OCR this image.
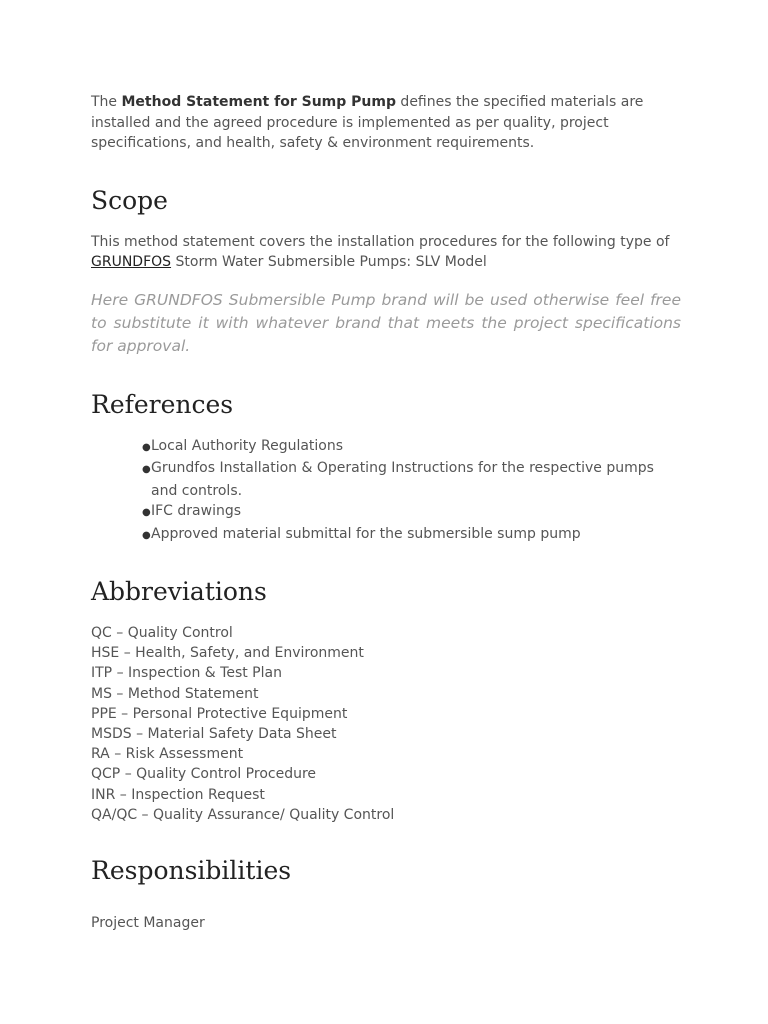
The Method Statement for Sump Pump defines the specified materials are installed and the agreed procedure is implemented as per quality, project specifications, and health, safety & environment requirements.

Scope

This method statement covers the installation procedures for the following type of GRUNDFOS Storm Water Submersible Pumps: SLV Model

Here GRUNDFOS Submersible Pump brand will be used otherwise feel free to substitute it with whatever brand that meets the project specifications for approval.

References
●Local Authority Regulations
●Grundfos Installation & Operating Instructions for the respective pumps and controls.
●IFC drawings
●Approved material submittal for the submersible sump pump
Abbreviations
QC – Quality Control
HSE – Health, Safety, and Environment
ITP – Inspection & Test Plan
MS – Method Statement
PPE – Personal Protective Equipment
MSDS – Material Safety Data Sheet
RA – Risk Assessment
QCP – Quality Control Procedure
INR – Inspection Request
QA/QC – Quality Assurance/ Quality Control
Responsibilities

Project Manager
